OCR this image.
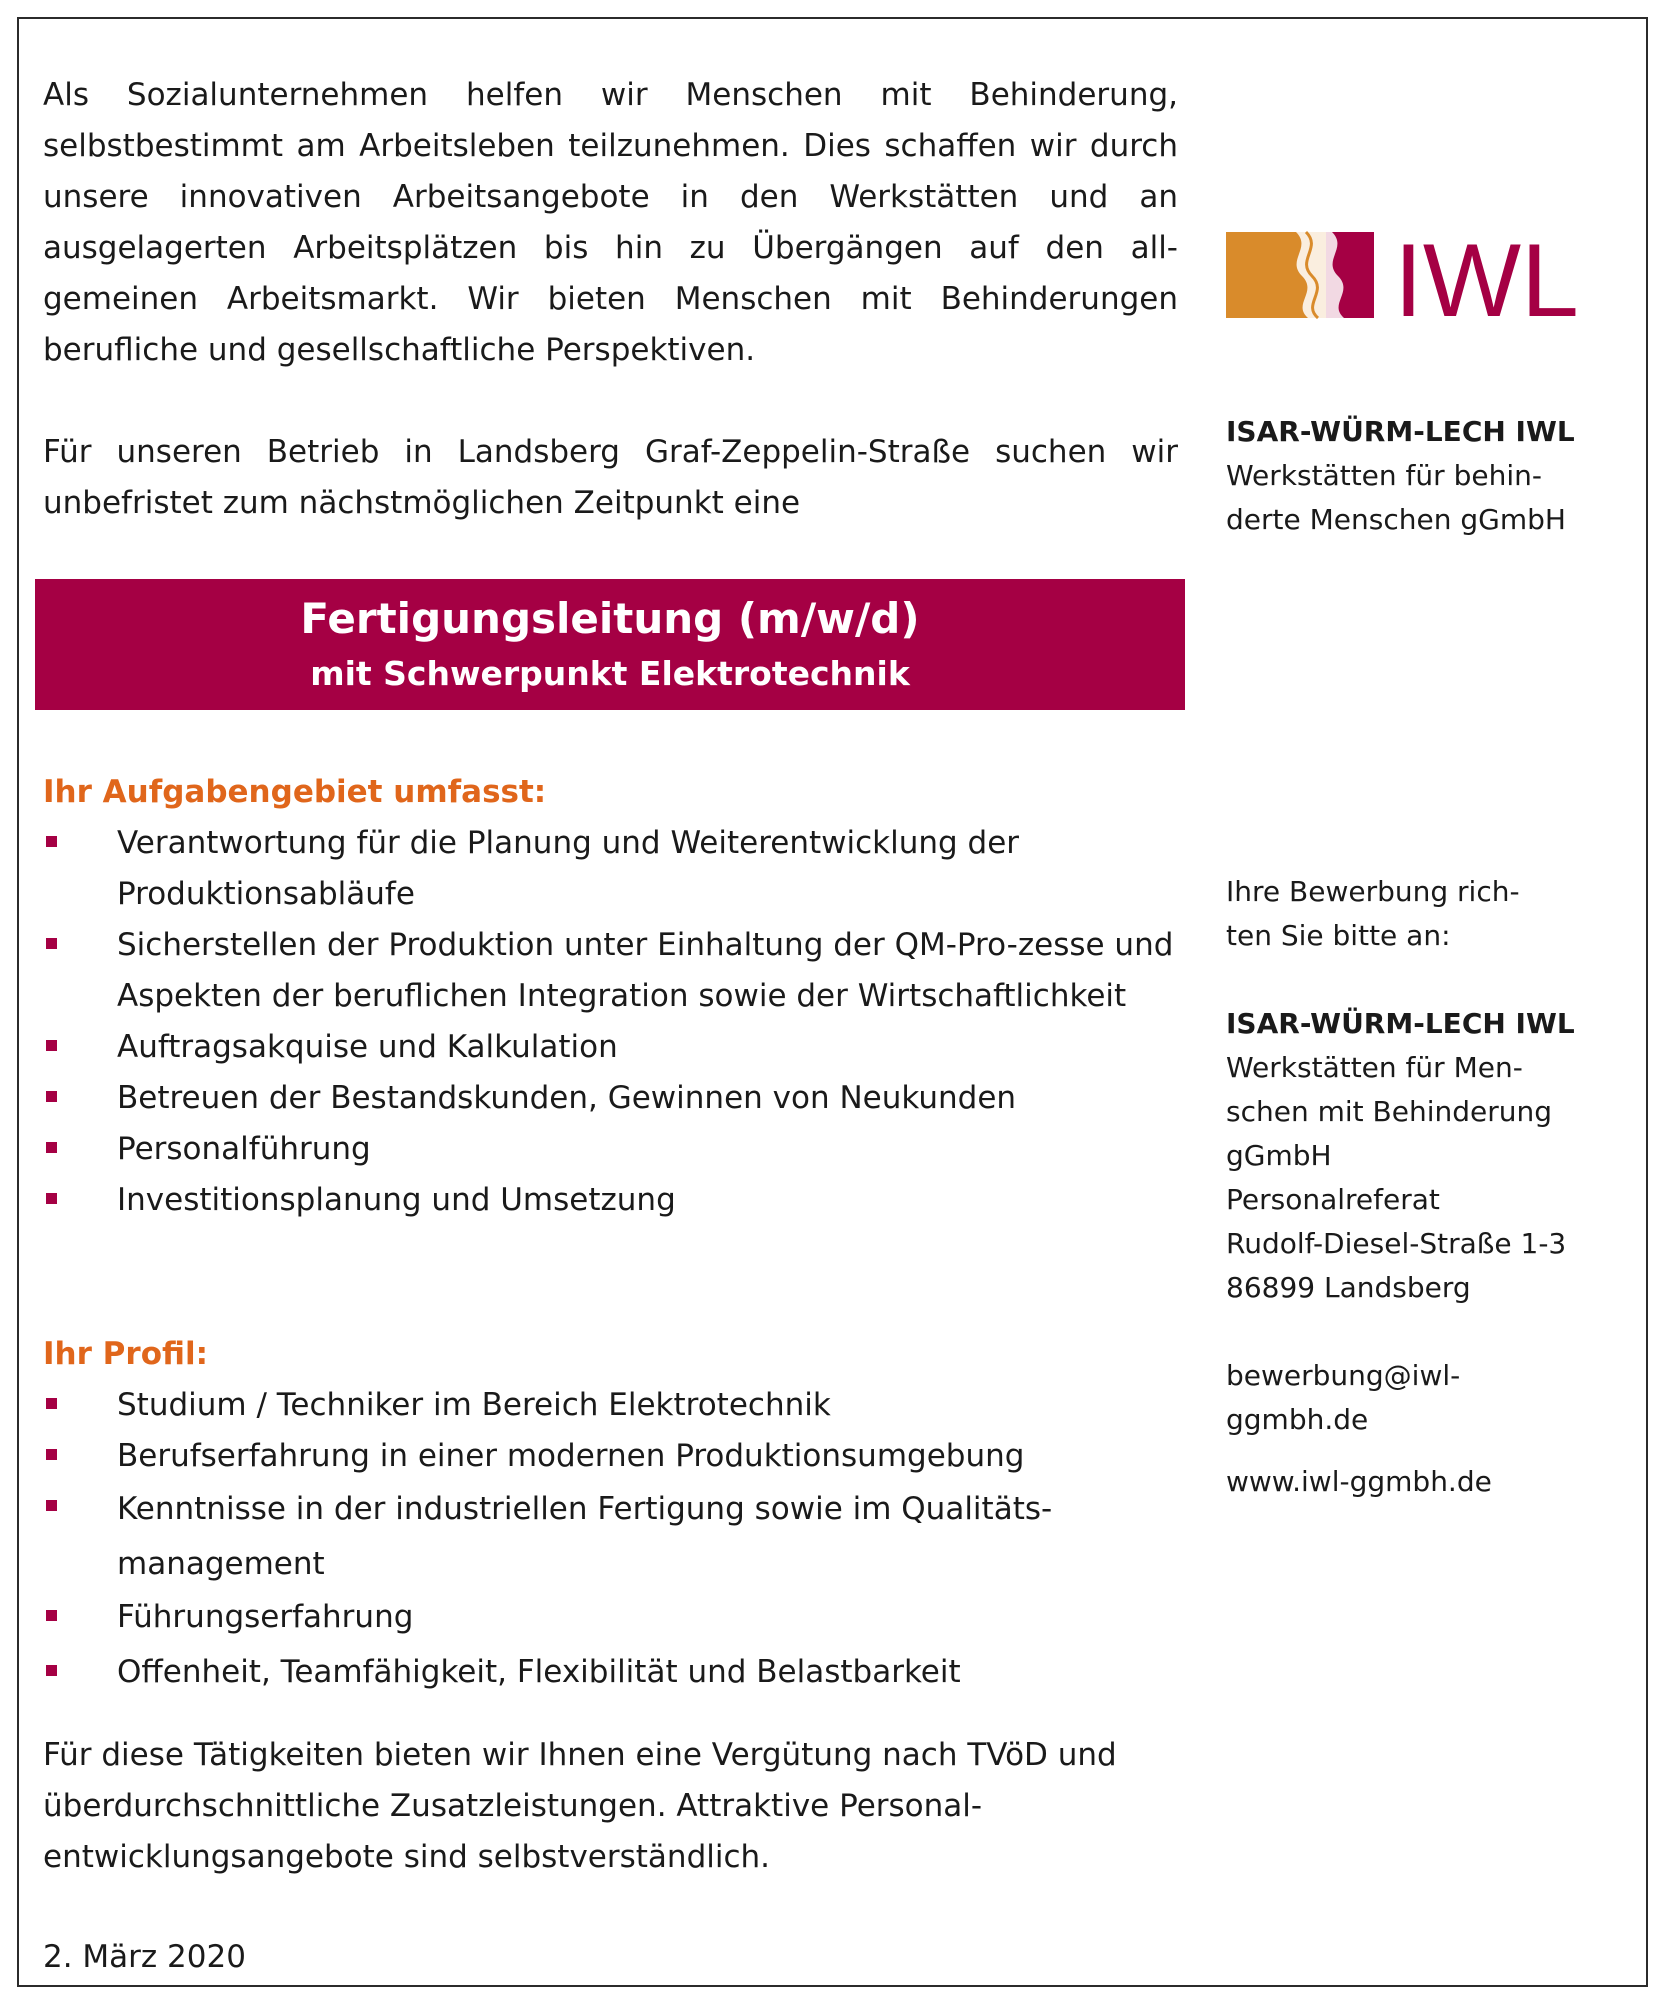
Als Sozialunternehmen helfen wir Menschen mit Behinderung, selbstbestimmt am Arbeitsleben teilzunehmen. Dies schaffen wir durch unsere innovativen Arbeitsangebote in den Werkstätten und an ausgelagerten Arbeitsplätzen bis hin zu Übergängen auf den all-gemeinen Arbeitsmarkt. Wir bieten Menschen mit Behinderungen berufliche und gesellschaftliche Perspektiven.

Für unseren Betrieb in Landsberg Graf-Zeppelin-Straße suchen wir unbefristet zum nächstmöglichen Zeitpunkt eine

Fertigungsleitung (m/w/d)
mit Schwerpunkt Elektrotechnik
Ihr Aufgabengebiet umfasst:
Verantwortung für die Planung und Weiterentwicklung der Produktionsabläufe
Sicherstellen der Produktion unter Einhaltung der QM-Pro-zesse und Aspekten der beruflichen Integration sowie der Wirtschaftlichkeit
Auftragsakquise und Kalkulation
Betreuen der Bestandskunden, Gewinnen von Neukunden
Personalführung
Investitionsplanung und Umsetzung
Ihr Profil:
Studium / Techniker im Bereich Elektrotechnik
Berufserfahrung in einer modernen Produktionsumgebung
Kenntnisse in der industriellen Fertigung sowie im Qualitäts-management
Führungserfahrung
Offenheit, Teamfähigkeit, Flexibilität und Belastbarkeit

Für diese Tätigkeiten bieten wir Ihnen eine Vergütung nach TVöD und überdurchschnittliche Zusatzleistungen. Attraktive Personal-entwicklungsangebote sind selbstverständlich.

2. März 2020
IWL
ISAR-WÜRM-LECH IWL
Werkstätten für behin-
derte Menschen gGmbH
Ihre Bewerbung rich-
ten Sie bitte an:
ISAR-WÜRM-LECH IWL
Werkstätten für Men-
schen mit Behinderung
gGmbH
Personalreferat
Rudolf-Diesel-Straße 1-3
86899 Landsberg
bewerbung@iwl-
ggmbh.de
www.iwl-ggmbh.de
